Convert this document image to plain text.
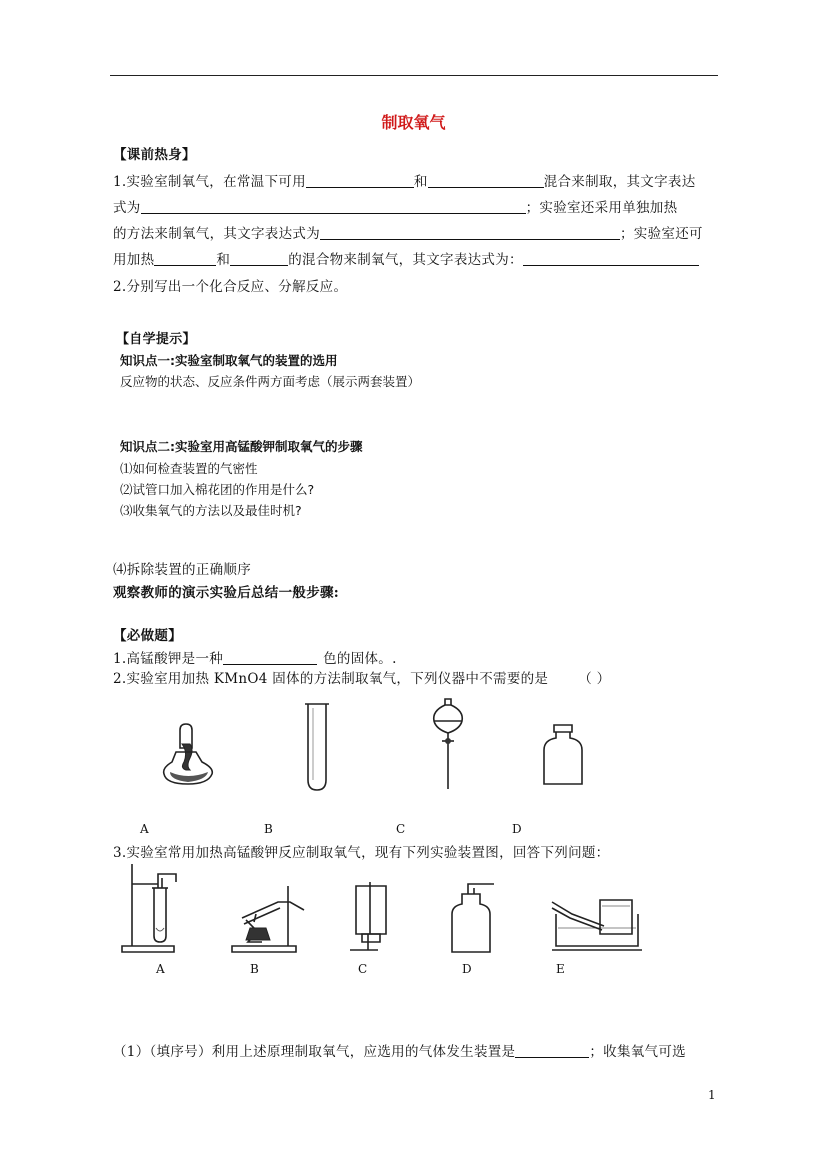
制取氧气
【课前热身】
1.实验室制氧气，在常温下可用	和	混合来制取，其文字表达
式为	；实验室还采用单独加热
的方法来制氧气，其文字表达式为	；实验室还可
用加热	和	的混合物来制氧气，其文字表达式为：
2.分别写出一个化合反应、分解反应。
【自学提示】
知识点一:实验室制取氧气的装置的选用
反应物的状态、反应条件两方面考虑（展示两套装置）
知识点二:实验室用高锰酸钾制取氧气的步骤
⑴如何检查装置的气密性
⑵试管口加入棉花团的作用是什么?
⑶收集氧气的方法以及最佳时机?
⑷拆除装置的正确顺序
观察教师的演示实验后总结一般步骤:
【必做题】
1.高锰酸钾是一种	色的固体。.
2.实验室用加热 KMnO4 固体的方法制取氧气，下列仪器中不需要的是 （ ）
A	B	C	D
3.实验室常用加热高锰酸钾反应制取氧气，现有下列实验装置图，回答下列问题：
A	B	C	D	E
（1）（填序号）利用上述原理制取氧气，应选用的气体发生装置是	；收集氧气可选
1
